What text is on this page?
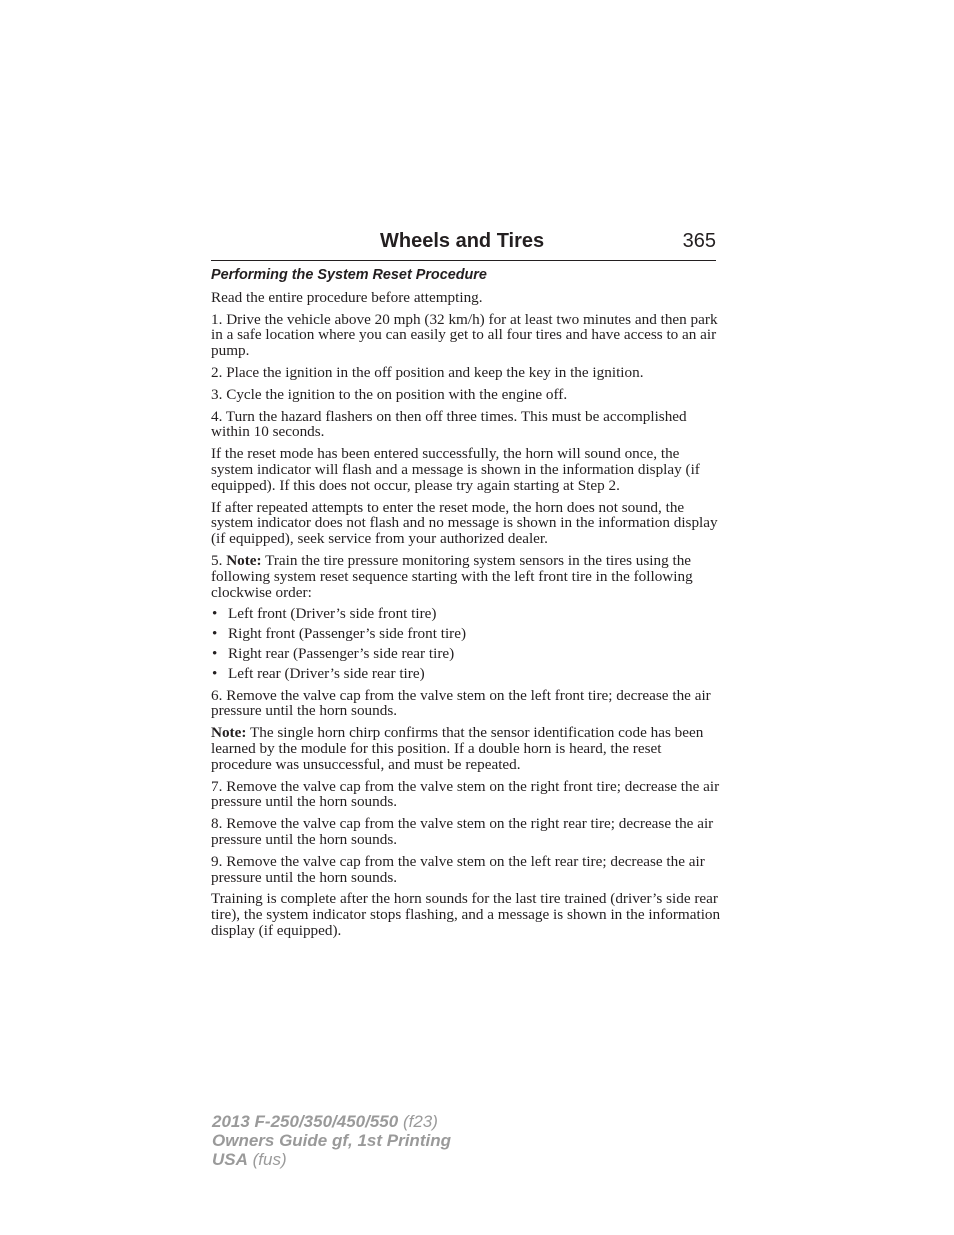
Wheels and Tires	365
Performing the System Reset Procedure

Read the entire procedure before attempting.

1. Drive the vehicle above 20 mph (32 km/h) for at least two minutes and then park in a safe location where you can easily get to all four tires and have access to an air pump.

2. Place the ignition in the off position and keep the key in the ignition.

3. Cycle the ignition to the on position with the engine off.

4. Turn the hazard flashers on then off three times. This must be accomplished within 10 seconds.

If the reset mode has been entered successfully, the horn will sound once, the system indicator will flash and a message is shown in the information display (if equipped). If this does not occur, please try again starting at Step 2.

If after repeated attempts to enter the reset mode, the horn does not sound, the system indicator does not flash and no message is shown in the information display (if equipped), seek service from your authorized dealer.

5. Note: Train the tire pressure monitoring system sensors in the tires using the following system reset sequence starting with the left front tire in the following clockwise order:

• Left front (Driver’s side front tire)
• Right front (Passenger’s side front tire)
• Right rear (Passenger’s side rear tire)
• Left rear (Driver’s side rear tire)

6. Remove the valve cap from the valve stem on the left front tire; decrease the air pressure until the horn sounds.

Note: The single horn chirp confirms that the sensor identification code has been learned by the module for this position. If a double horn is heard, the reset procedure was unsuccessful, and must be repeated.

7. Remove the valve cap from the valve stem on the right front tire; decrease the air pressure until the horn sounds.

8. Remove the valve cap from the valve stem on the right rear tire; decrease the air pressure until the horn sounds.

9. Remove the valve cap from the valve stem on the left rear tire; decrease the air pressure until the horn sounds.

Training is complete after the horn sounds for the last tire trained (driver’s side rear tire), the system indicator stops flashing, and a message is shown in the information display (if equipped).

2013 F-250/350/450/550 (f23)
Owners Guide gf, 1st Printing
USA (fus)
